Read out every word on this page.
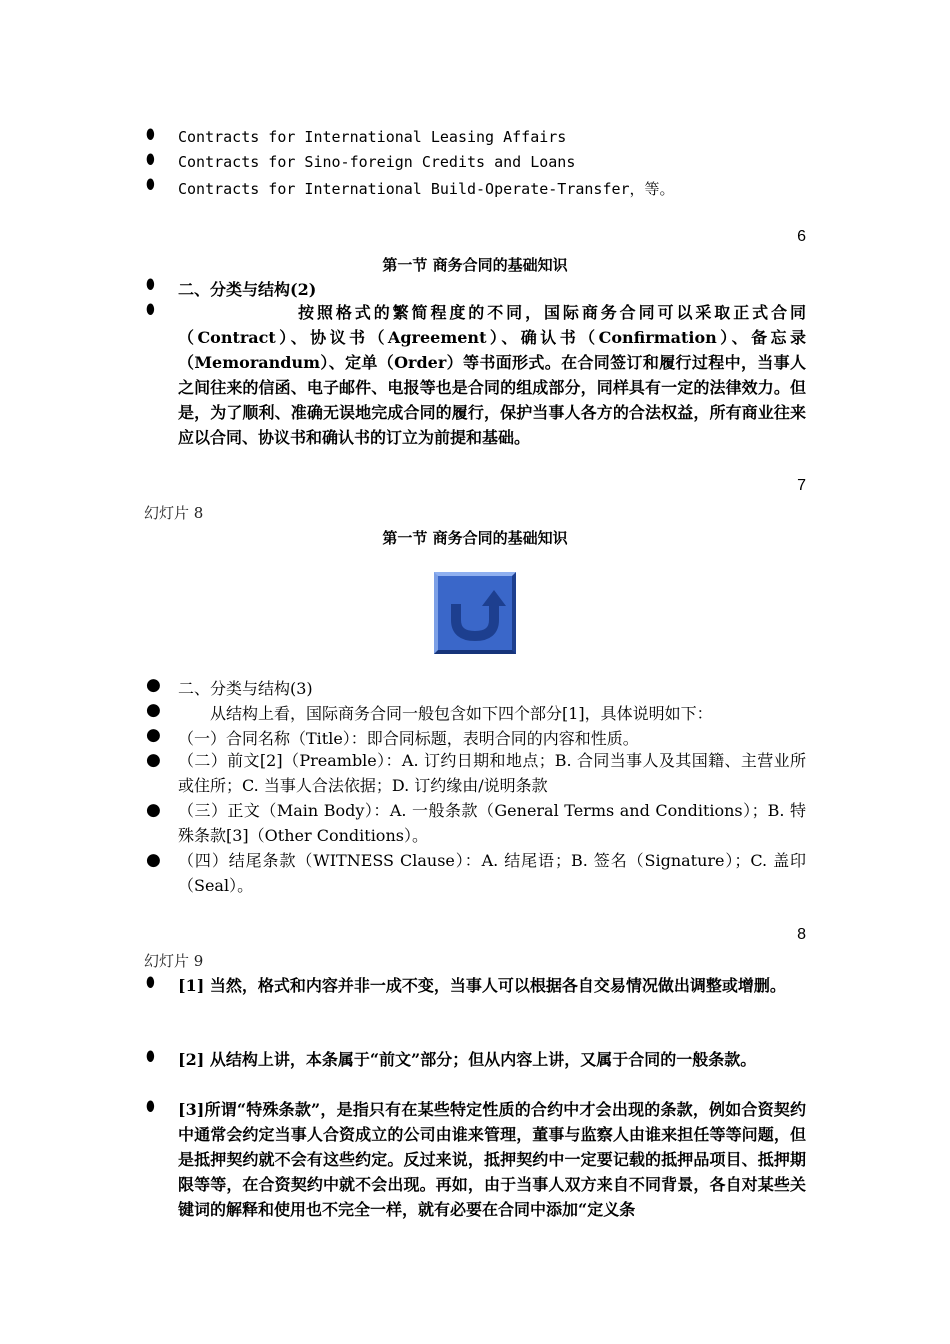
⬮ Contracts for International Leasing Affairs
⬮ Contracts for Sino-foreign Credits and Loans
⬮ Contracts for International Build-Operate-Transfer，等。
6
第一节 商务合同的基础知识
⬮ 二、分类与结构(2)
⬮	按照格式的繁简程度的不同，国际商务合同可以采取正式合同（Contract）、协议书（Agreement）、确认书（Confirmation）、备忘录（Memorandum）、定单（Order）等书面形式。在合同签订和履行过程中，当事人之间往来的信函、电子邮件、电报等也是合同的组成部分，同样具有一定的法律效力。但是，为了顺利、准确无误地完成合同的履行，保护当事人各方的合法权益，所有商业往来应以合同、协议书和确认书的订立为前提和基础。
7
幻灯片 8
第一节 商务合同的基础知识
● 二、分类与结构(3)
●	从结构上看，国际商务合同一般包含如下四个部分[1]，具体说明如下：
● （一）合同名称（Title）：即合同标题，表明合同的内容和性质。
● （二）前文[2]（Preamble）：A. 订约日期和地点；B. 合同当事人及其国籍、主营业所或住所；C. 当事人合法依据；D. 订约缘由/说明条款
● （三）正文（Main Body）：A. 一般条款（General Terms and Conditions）；B. 特殊条款[3]（Other Conditions）。
● （四）结尾条款（WITNESS Clause）：A. 结尾语；B. 签名（Signature）；C. 盖印（Seal）。
8
幻灯片 9
⬮ [1] 当然，格式和内容并非一成不变，当事人可以根据各自交易情况做出调整或增删。
⬮ [2] 从结构上讲，本条属于“前文”部分；但从内容上讲，又属于合同的一般条款。
⬮ [3]所谓“特殊条款”，是指只有在某些特定性质的合约中才会出现的条款，例如合资契约中通常会约定当事人合资成立的公司由谁来管理，董事与监察人由谁来担任等等问题，但是抵押契约就不会有这些约定。反过来说，抵押契约中一定要记载的抵押品项目、抵押期限等等，在合资契约中就不会出现。再如，由于当事人双方来自不同背景，各自对某些关键词的解释和使用也不完全一样，就有必要在合同中添加“定义条
